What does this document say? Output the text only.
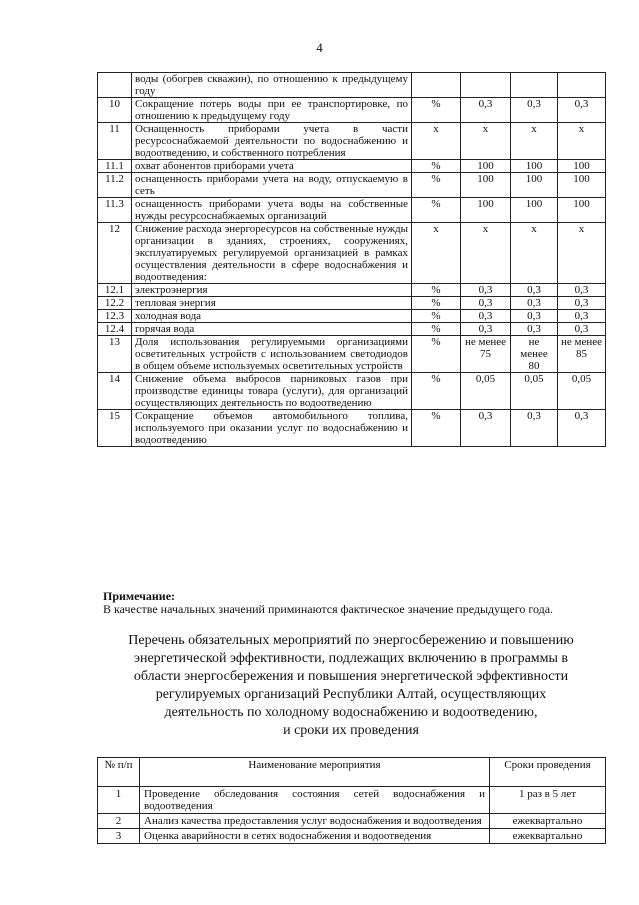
4
	воды (обогрев скважин), по отношению к предыдущему году				
10	Сокращение потерь воды при ее транспортировке, по отношению к предыдущему году	%	0,3	0,3	0,3
11	Оснащенность приборами учета в части ресурсоснабжаемой деятельности по водоснабжению и водоотведению, и собственного потребления	x	x	x	x
11.1	охват абонентов приборами учета	%	100	100	100
11.2	оснащенность приборами учета на воду, отпускаемую в сеть	%	100	100	100
11.3	оснащенность приборами учета воды на собственные нужды ресурсоснабжаемых организаций	%	100	100	100
12	Снижение расхода энергоресурсов на собственные нужды организации в зданиях, строениях, сооружениях, эксплуатируемых регулируемой организацией в рамках осуществления деятельности в сфере водоснабжения и водоотведения:	x	x	x	x
12.1	электроэнергия	%	0,3	0,3	0,3
12.2	тепловая энергия	%	0,3	0,3	0,3
12.3	холодная вода	%	0,3	0,3	0,3
12.4	горячая вода	%	0,3	0,3	0,3
13	Доля использования регулируемыми организациями осветительных устройств с использованием светодиодов в общем объеме используемых осветительных устройств	%	не менее 75	не менее 80	не менее 85
14	Снижение объема выбросов парниковых газов при производстве единицы товара (услуги), для организаций осуществляющих деятельность по водоотведению	%	0,05	0,05	0,05
15	Сокращение объемов автомобильного топлива, используемого при оказании услуг по водоснабжению и водоотведению	%	0,3	0,3	0,3
Примечание:
В качестве начальных значений приминаются фактическое значение предыдущего года.
Перечень обязательных мероприятий по энергосбережению и повышению
энергетической эффективности, подлежащих включению в программы в
области энергосбережения и повышения энергетической эффективности
регулируемых организаций Республики Алтай, осуществляющих
деятельность по холодному водоснабжению и водоотведению,
и сроки их проведения
№ п/п	Наименование мероприятия	Сроки проведения
1	Проведение обследования состояния сетей водоснабжения и водоотведения	1 раз в 5 лет
2	Анализ качества предоставления услуг водоснабжения и водоотведения	ежеквартально
3	Оценка аварийности в сетях водоснабжения и водоотведения	ежеквартально
